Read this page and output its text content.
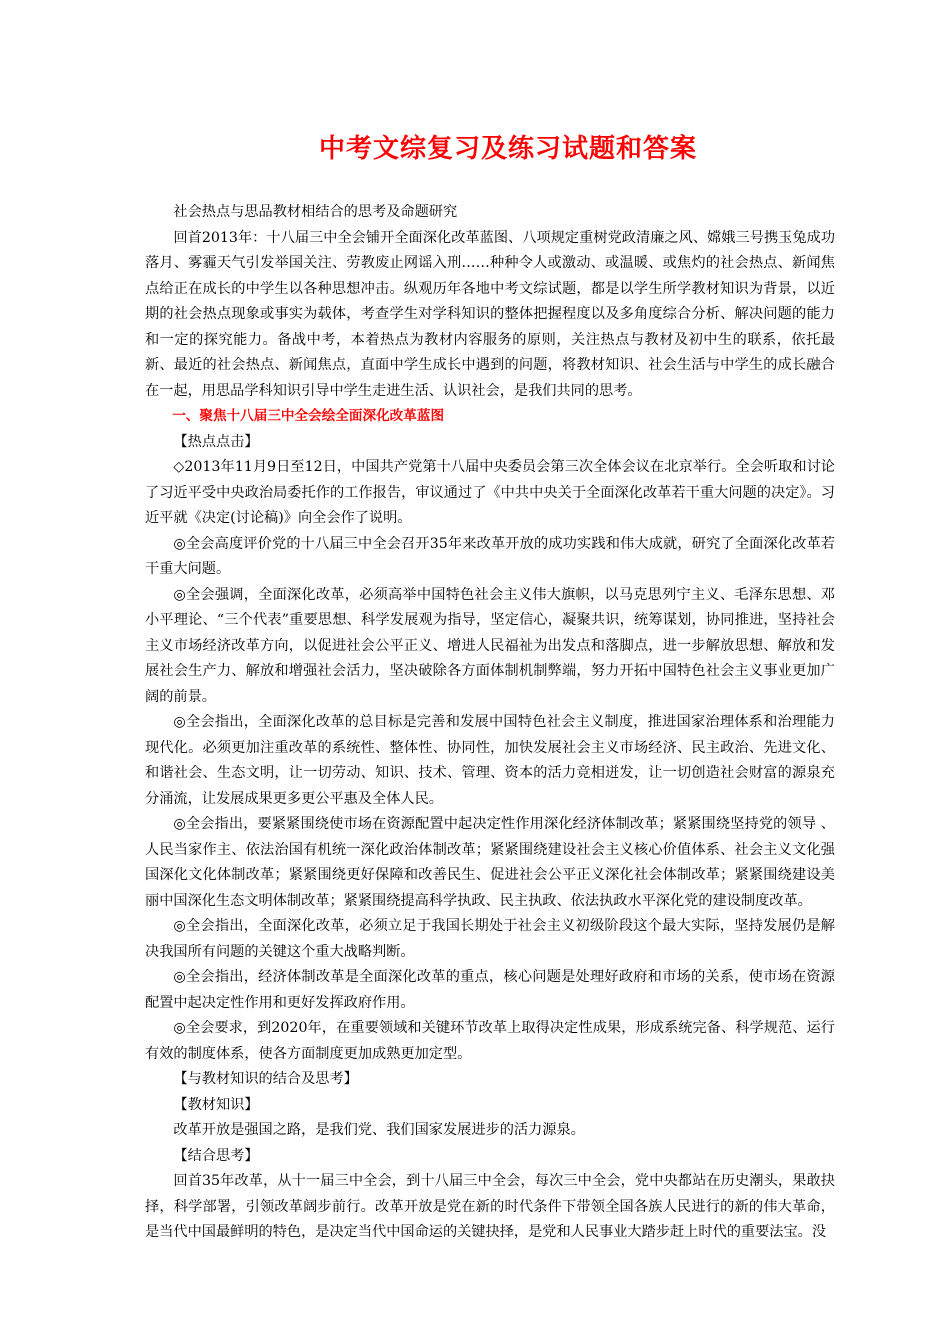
中考文综复习及练习试题和答案

社会热点与思品教材相结合的思考及命题研究

回首2013年：十八届三中全会铺开全面深化改革蓝图、八项规定重树党政清廉之风、嫦娥三号携玉兔成功落月、雾霾天气引发举国关注、劳教废止网谣入刑……种种令人或激动、或温暖、或焦灼的社会热点、新闻焦点给正在成长的中学生以各种思想冲击。纵观历年各地中考文综试题，都是以学生所学教材知识为背景，以近期的社会热点现象或事实为载体，考查学生对学科知识的整体把握程度以及多角度综合分析、解决问题的能力和一定的探究能力。备战中考，本着热点为教材内容服务的原则，关注热点与教材及初中生的联系，依托最新、最近的社会热点、新闻焦点，直面中学生成长中遇到的问题，将教材知识、社会生活与中学生的成长融合在一起，用思品学科知识引导中学生走进生活、认识社会，是我们共同的思考。

一、聚焦十八届三中全会绘全面深化改革蓝图

【热点点击】

◇2013年11月9日至12日，中国共产党第十八届中央委员会第三次全体会议在北京举行。全会听取和讨论了习近平受中央政治局委托作的工作报告，审议通过了《中共中央关于全面深化改革若干重大问题的决定》。习近平就《决定(讨论稿)》向全会作了说明。

◎全会高度评价党的十八届三中全会召开35年来改革开放的成功实践和伟大成就，研究了全面深化改革若干重大问题。

◎全会强调，全面深化改革，必须高举中国特色社会主义伟大旗帜，以马克思列宁主义、毛泽东思想、邓小平理论、“三个代表”重要思想、科学发展观为指导，坚定信心，凝聚共识，统筹谋划，协同推进，坚持社会主义市场经济改革方向，以促进社会公平正义、增进人民福祉为出发点和落脚点，进一步解放思想、解放和发展社会生产力、解放和增强社会活力，坚决破除各方面体制机制弊端，努力开拓中国特色社会主义事业更加广阔的前景。

◎全会指出，全面深化改革的总目标是完善和发展中国特色社会主义制度，推进国家治理体系和治理能力现代化。必须更加注重改革的系统性、整体性、协同性，加快发展社会主义市场经济、民主政治、先进文化、和谐社会、生态文明，让一切劳动、知识、技术、管理、资本的活力竞相迸发，让一切创造社会财富的源泉充分涌流，让发展成果更多更公平惠及全体人民。

◎全会指出，要紧紧围绕使市场在资源配置中起决定性作用深化经济体制改革；紧紧围绕坚持党的领导 、人民当家作主、依法治国有机统一深化政治体制改革；紧紧围绕建设社会主义核心价值体系、社会主义文化强国深化文化体制改革；紧紧围绕更好保障和改善民生、促进社会公平正义深化社会体制改革；紧紧围绕建设美丽中国深化生态文明体制改革；紧紧围绕提高科学执政、民主执政、依法执政水平深化党的建设制度改革。

◎全会指出，全面深化改革，必须立足于我国长期处于社会主义初级阶段这个最大实际，坚持发展仍是解决我国所有问题的关键这个重大战略判断。

◎全会指出，经济体制改革是全面深化改革的重点，核心问题是处理好政府和市场的关系，使市场在资源配置中起决定性作用和更好发挥政府作用。

◎全会要求，到2020年，在重要领域和关键环节改革上取得决定性成果，形成系统完备、科学规范、运行有效的制度体系，使各方面制度更加成熟更加定型。

【与教材知识的结合及思考】

【教材知识】

改革开放是强国之路，是我们党、我们国家发展进步的活力源泉。

【结合思考】

回首35年改革，从十一届三中全会，到十八届三中全会，每次三中全会，党中央都站在历史潮头，果敢抉择，科学部署，引领改革阔步前行。改革开放是党在新的时代条件下带领全国各族人民进行的新的伟大革命，是当代中国最鲜明的特色，是决定当代中国命运的关键抉择，是党和人民事业大踏步赶上时代的重要法宝。没
